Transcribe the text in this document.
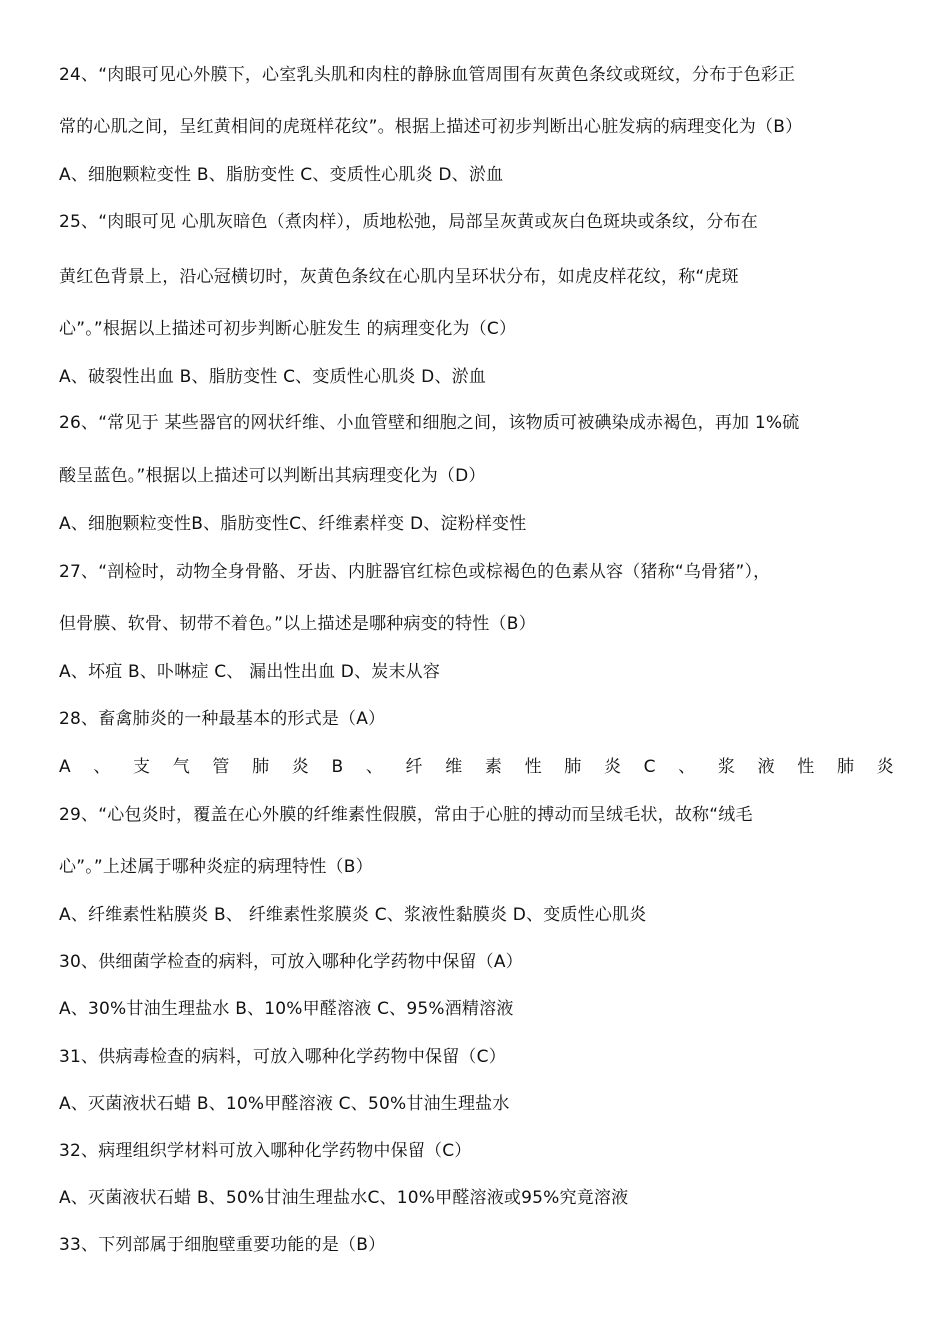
24、“肉眼可见心外膜下，心室乳头肌和肉柱的静脉血管周围有灰黄色条纹或斑纹，分布于色彩正
常的心肌之间，呈红黄相间的虎斑样花纹”。根据上描述可初步判断出心脏发病的病理变化为（B）
A、细胞颗粒变性 B、脂肪变性 C、变质性心肌炎 D、淤血
25、“肉眼可见 心肌灰暗色（煮肉样），质地松弛，局部呈灰黄或灰白色斑块或条纹，分布在
黄红色背景上，沿心冠横切时，灰黄色条纹在心肌内呈环状分布，如虎皮样花纹，称“虎斑
心”。”根据以上描述可初步判断心脏发生 的病理变化为（C）
A、破裂性出血 B、脂肪变性 C、变质性心肌炎 D、淤血
26、“常见于 某些器官的网状纤维、小血管壁和细胞之间，该物质可被碘染成赤褐色，再加 1%硫
酸呈蓝色。”根据以上描述可以判断出其病理变化为（D）
A、细胞颗粒变性B、脂肪变性C、纤维素样变 D、淀粉样变性
27、“剖检时，动物全身骨骼、牙齿、内脏器官红棕色或棕褐色的色素从容（猪称“乌骨猪”），
但骨膜、软骨、韧带不着色。”以上描述是哪种病变的特性（B）
A、坏疽 B、卟啉症 C、 漏出性出血 D、炭末从容
28、畜禽肺炎的一种最基本的形式是（A）
A 、 支 气 管 肺 炎 B 、 纤 维 素 性 肺 炎 C 、 浆 液 性 肺 炎
29、“心包炎时，覆盖在心外膜的纤维素性假膜，常由于心脏的搏动而呈绒毛状，故称“绒毛
心”。”上述属于哪种炎症的病理特性（B）
A、纤维素性粘膜炎 B、 纤维素性浆膜炎 C、浆液性黏膜炎 D、变质性心肌炎
30、供细菌学检查的病料，可放入哪种化学药物中保留（A）
A、30%甘油生理盐水 B、10%甲醛溶液 C、95%酒精溶液
31、供病毒检查的病料，可放入哪种化学药物中保留（C）
A、灭菌液状石蜡 B、10%甲醛溶液 C、50%甘油生理盐水
32、病理组织学材料可放入哪种化学药物中保留（C）
A、灭菌液状石蜡 B、50%甘油生理盐水C、10%甲醛溶液或95%究竟溶液
33、下列部属于细胞壁重要功能的是（B）
